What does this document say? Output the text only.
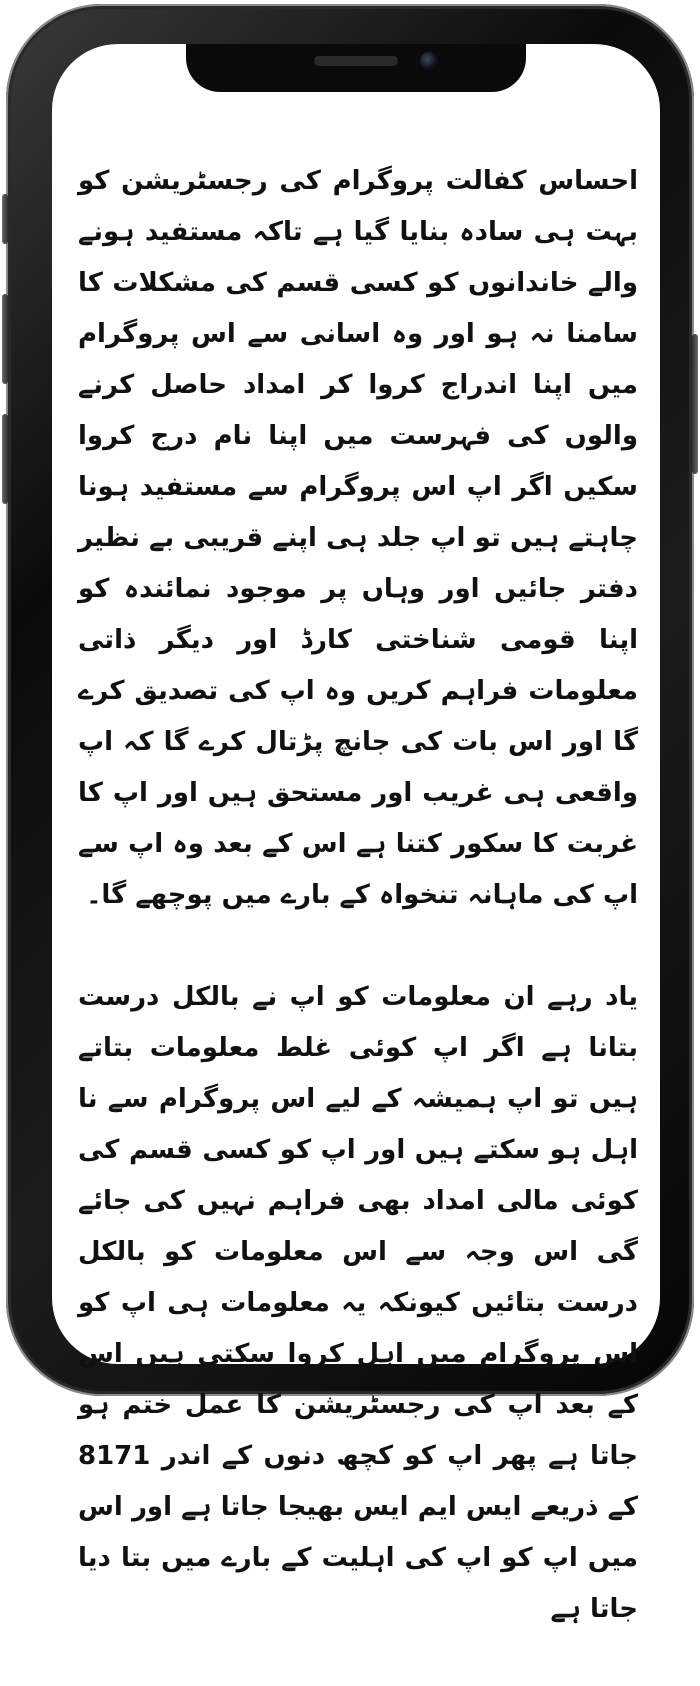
احساس کفالت پروگرام کی رجسٹریشن کو بہت ہی سادہ بنایا گیا ہے تاکہ مستفید ہونے والے خاندانوں کو کسی قسم کی مشکلات کا سامنا نہ ہو اور وہ اسانی سے اس پروگرام میں اپنا اندراج کروا کر امداد حاصل کرنے والوں کی فہرست میں اپنا نام درج کروا سکیں اگر اپ اس پروگرام سے مستفید ہونا چاہتے ہیں تو اپ جلد ہی اپنے قریبی بے نظیر دفتر جائیں اور وہاں پر موجود نمائندہ کو اپنا قومی شناختی کارڈ اور دیگر ذاتی معلومات فراہم کریں وہ اپ کی تصدیق کرے گا اور اس بات کی جانچ پڑتال کرے گا کہ اپ واقعی ہی غریب اور مستحق ہیں اور اپ کا غربت کا سکور کتنا ہے اس کے بعد وہ اپ سے اپ کی ماہانہ تنخواہ کے بارے میں پوچھے گا۔

یاد رہے ان معلومات کو اپ نے بالکل درست بتانا ہے اگر اپ کوئی غلط معلومات بتاتے ہیں تو اپ ہمیشہ کے لیے اس پروگرام سے نا اہل ہو سکتے ہیں اور اپ کو کسی قسم کی کوئی مالی امداد بھی فراہم نہیں کی جائے گی اس وجہ سے اس معلومات کو بالکل درست بتائیں کیونکہ یہ معلومات ہی اپ کو اس پروگرام میں اہل کروا سکتی ہیں اس کے بعد اپ کی رجسٹریشن کا عمل ختم ہو جاتا ہے پھر اپ کو کچھ دنوں کے اندر 8171 کے ذریعے ایس ایم ایس بھیجا جاتا ہے اور اس میں اپ کو اپ کی اہلیت کے بارے میں بتا دیا جاتا ہے
